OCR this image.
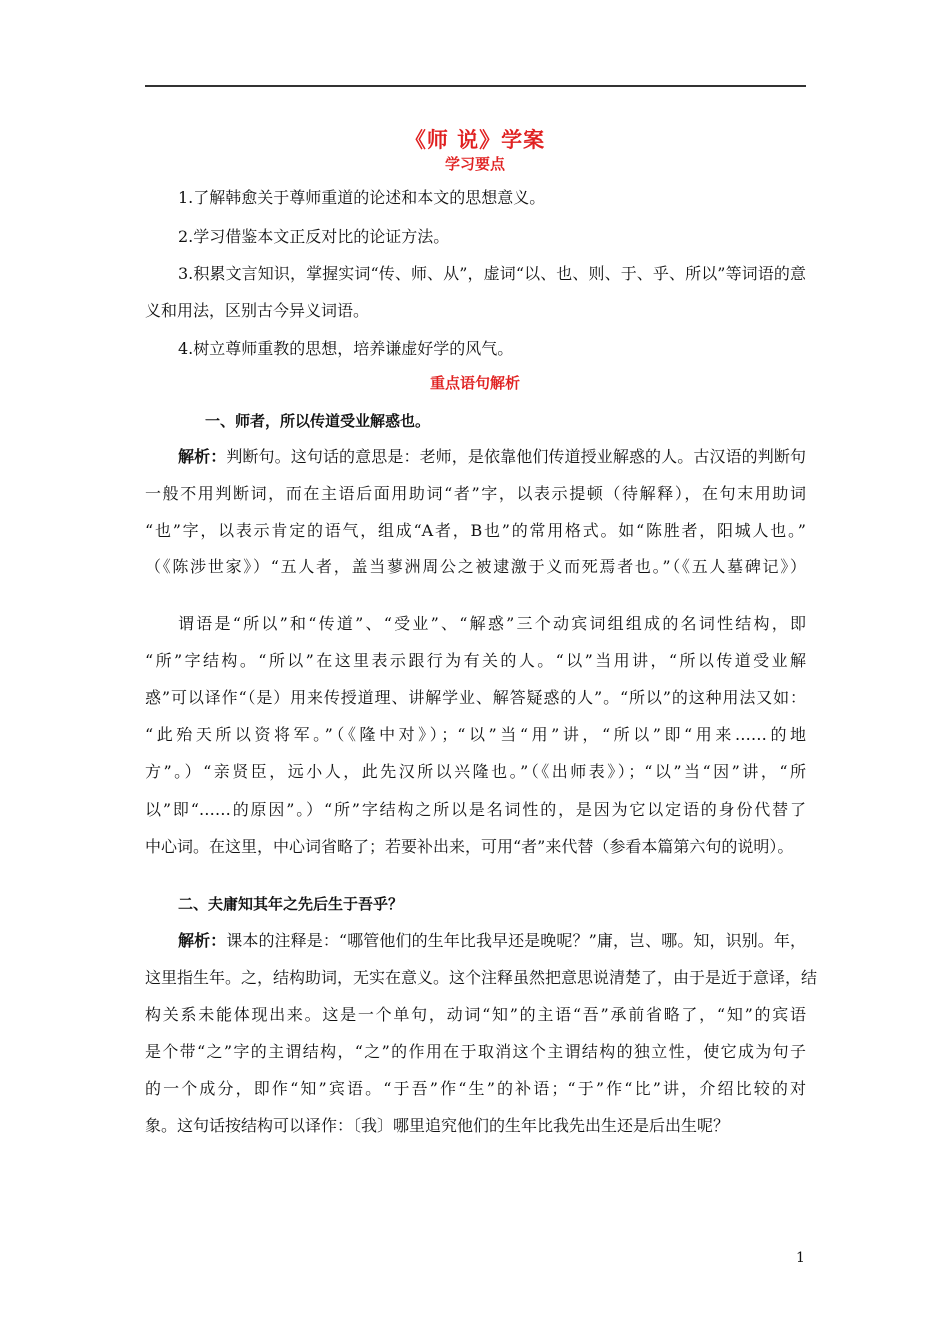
《师 说》学案
学习要点
1.了解韩愈关于尊师重道的论述和本文的思想意义。
2.学习借鉴本文正反对比的论证方法。
3.积累文言知识，掌握实词“传、师、从”，虚词“以、也、则、于、乎、所以”等词语的意
义和用法，区别古今异义词语。
4.树立尊师重教的思想，培养谦虚好学的风气。
重点语句解析
一、师者，所以传道受业解惑也。
解析：判断句。这句话的意思是：老师，是依靠他们传道授业解惑的人。古汉语的判断句
一般不用判断词，而在主语后面用助词“者”字，以表示提顿（待解释），在句末用助词
“也”字，以表示肯定的语气，组成“A者，B也”的常用格式。如“陈胜者，阳城人也。”
（《陈涉世家》）“五人者，盖当蓼洲周公之被逮激于义而死焉者也。”（《五人墓碑记》）
谓语是“所以”和“传道”、“受业”、“解惑”三个动宾词组组成的名词性结构，即
“所”字结构。“所以”在这里表示跟行为有关的人。“以”当用讲，“所以传道受业解
惑”可以译作“（是）用来传授道理、讲解学业、解答疑惑的人”。“所以”的这种用法又如：
“此殆天所以资将军。”（《隆中对》）；“以”当“用”讲，“所以”即“用来……的地
方”。）“亲贤臣，远小人，此先汉所以兴隆也。”（《出师表》）；“以”当“因”讲，“所
以”即“……的原因”。）“所”字结构之所以是名词性的，是因为它以定语的身份代替了
中心词。在这里，中心词省略了；若要补出来，可用“者”来代替（参看本篇第六句的说明）。
二、夫庸知其年之先后生于吾乎？
解析：课本的注释是：“哪管他们的生年比我早还是晚呢？”庸，岂、哪。知，识别。年，
这里指生年。之，结构助词，无实在意义。这个注释虽然把意思说清楚了，由于是近于意译，结
构关系未能体现出来。这是一个单句，动词“知”的主语“吾”承前省略了，“知”的宾语
是个带“之”字的主谓结构，“之”的作用在于取消这个主谓结构的独立性，使它成为句子
的一个成分，即作“知”宾语。“于吾”作“生”的补语；“于”作“比”讲，介绍比较的对
象。这句话按结构可以译作：〔我〕哪里追究他们的生年比我先出生还是后出生呢？
1
